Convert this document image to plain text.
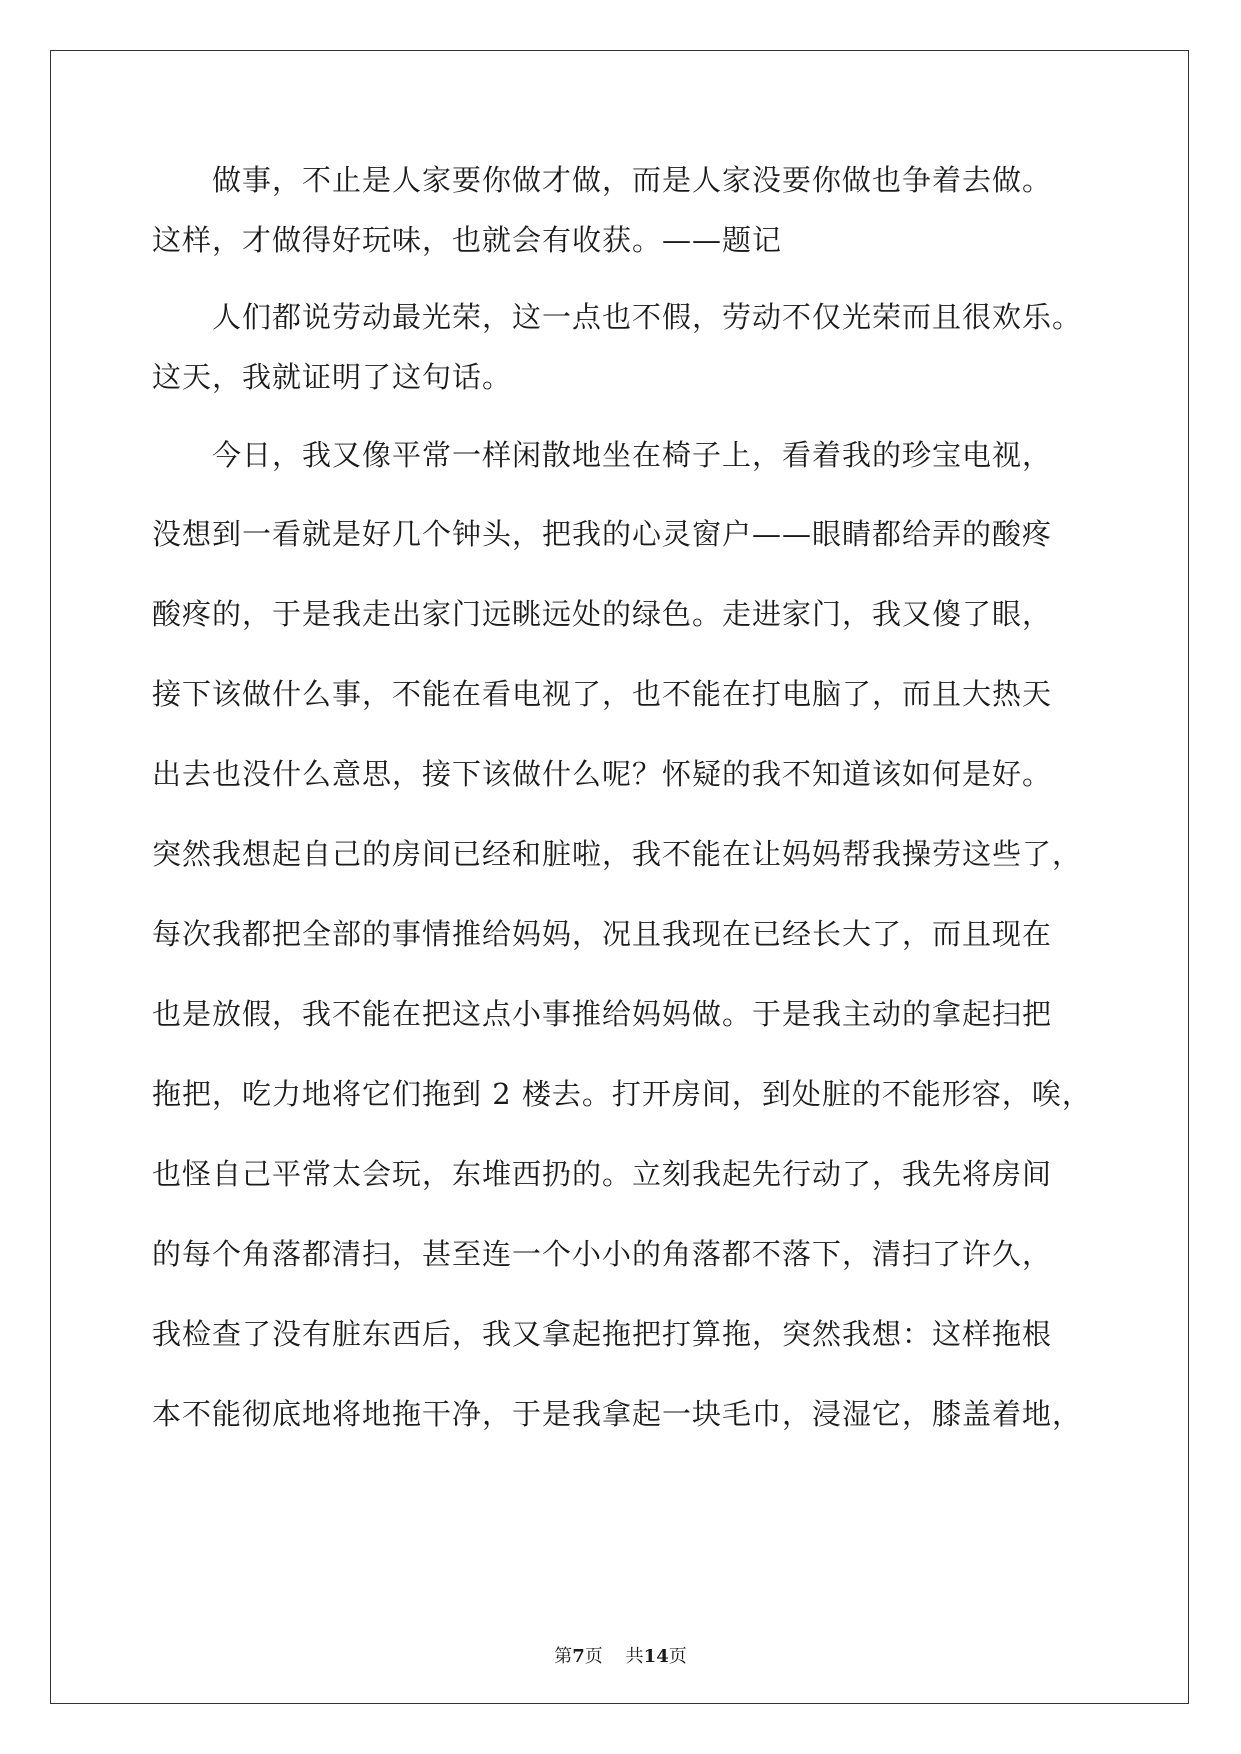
　　做事，不止是人家要你做才做，而是人家没要你做也争着去做。
这样，才做得好玩味，也就会有收获。——题记
　　人们都说劳动最光荣，这一点也不假，劳动不仅光荣而且很欢乐。
这天，我就证明了这句话。
　　今日，我又像平常一样闲散地坐在椅子上，看着我的珍宝电视，
没想到一看就是好几个钟头，把我的心灵窗户——眼睛都给弄的酸疼
酸疼的，于是我走出家门远眺远处的绿色。走进家门，我又傻了眼，
接下该做什么事，不能在看电视了，也不能在打电脑了，而且大热天
出去也没什么意思，接下该做什么呢？怀疑的我不知道该如何是好。
突然我想起自己的房间已经和脏啦，我不能在让妈妈帮我操劳这些了，
每次我都把全部的事情推给妈妈，况且我现在已经长大了，而且现在
也是放假，我不能在把这点小事推给妈妈做。于是我主动的拿起扫把
拖把，吃力地将它们拖到 2 楼去。打开房间，到处脏的不能形容，唉，
也怪自己平常太会玩，东堆西扔的。立刻我起先行动了，我先将房间
的每个角落都清扫，甚至连一个小小的角落都不落下，清扫了许久，
我检查了没有脏东西后，我又拿起拖把打算拖，突然我想：这样拖根
本不能彻底地将地拖干净，于是我拿起一块毛巾，浸湿它，膝盖着地，
第7页 共14页
